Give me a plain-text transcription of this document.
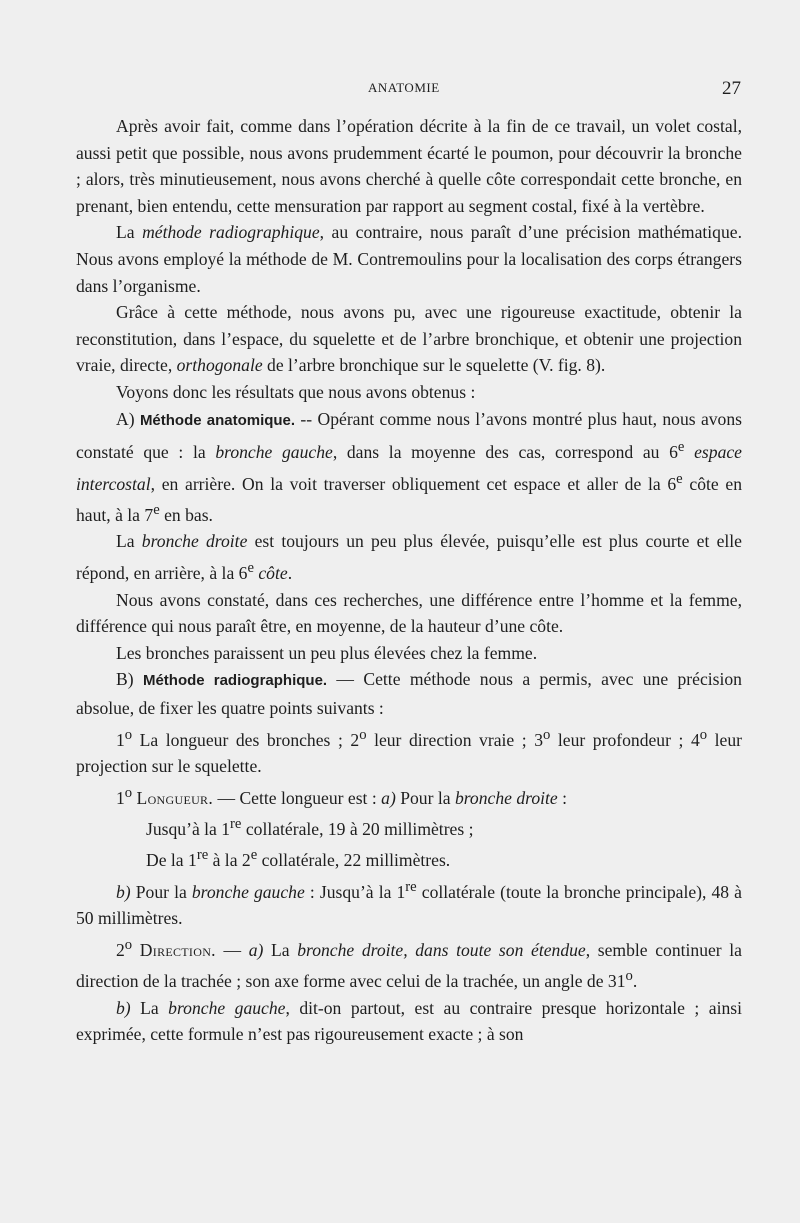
ANATOMIE	27

Après avoir fait, comme dans l’opération décrite à la fin de ce travail, un volet costal, aussi petit que possible, nous avons prudemment écarté le poumon, pour découvrir la bronche ; alors, très minutieusement, nous avons cherché à quelle côte correspondait cette bronche, en prenant, bien entendu, cette mensuration par rapport au segment costal, fixé à la vertèbre.

La méthode radiographique, au contraire, nous paraît d’une précision mathématique. Nous avons employé la méthode de M. Contremoulins pour la localisation des corps étrangers dans l’organisme.

Grâce à cette méthode, nous avons pu, avec une rigoureuse exactitude, obtenir la reconstitution, dans l’espace, du squelette et de l’arbre bronchique, et obtenir une projection vraie, directe, orthogonale de l’arbre bronchique sur le squelette (V. fig. 8).

Voyons donc les résultats que nous avons obtenus :

A) Méthode anatomique. -- Opérant comme nous l’avons montré plus haut, nous avons constaté que : la bronche gauche, dans la moyenne des cas, correspond au 6e espace intercostal, en arrière. On la voit traverser obliquement cet espace et aller de la 6e côte en haut, à la 7e en bas.

La bronche droite est toujours un peu plus élevée, puisqu’elle est plus courte et elle répond, en arrière, à la 6e côte.

Nous avons constaté, dans ces recherches, une différence entre l’homme et la femme, différence qui nous paraît être, en moyenne, de la hauteur d’une côte.

Les bronches paraissent un peu plus élevées chez la femme.

B) Méthode radiographique. — Cette méthode nous a permis, avec une précision absolue, de fixer les quatre points suivants :

1$^o$ La longueur des bronches ; 2$^o$ leur direction vraie ; 3$^o$ leur profondeur ; 4$^o$ leur projection sur le squelette.

1$^o$ Longueur. — Cette longueur est : a) Pour la bronche droite :

Jusqu’à la 1re collatérale, 19 à 20 millimètres ;

De la 1re à la 2e collatérale, 22 millimètres.

b) Pour la bronche gauche : Jusqu’à la 1re collatérale (toute la bronche principale), 48 à 50 millimètres.

2$^o$ Direction. — a) La bronche droite, dans toute son étendue, semble continuer la direction de la trachée ; son axe forme avec celui de la trachée, un angle de 31$^o$.

b) La bronche gauche, dit-on partout, est au contraire presque horizontale ; ainsi exprimée, cette formule n’est pas rigoureusement exacte ; à son
